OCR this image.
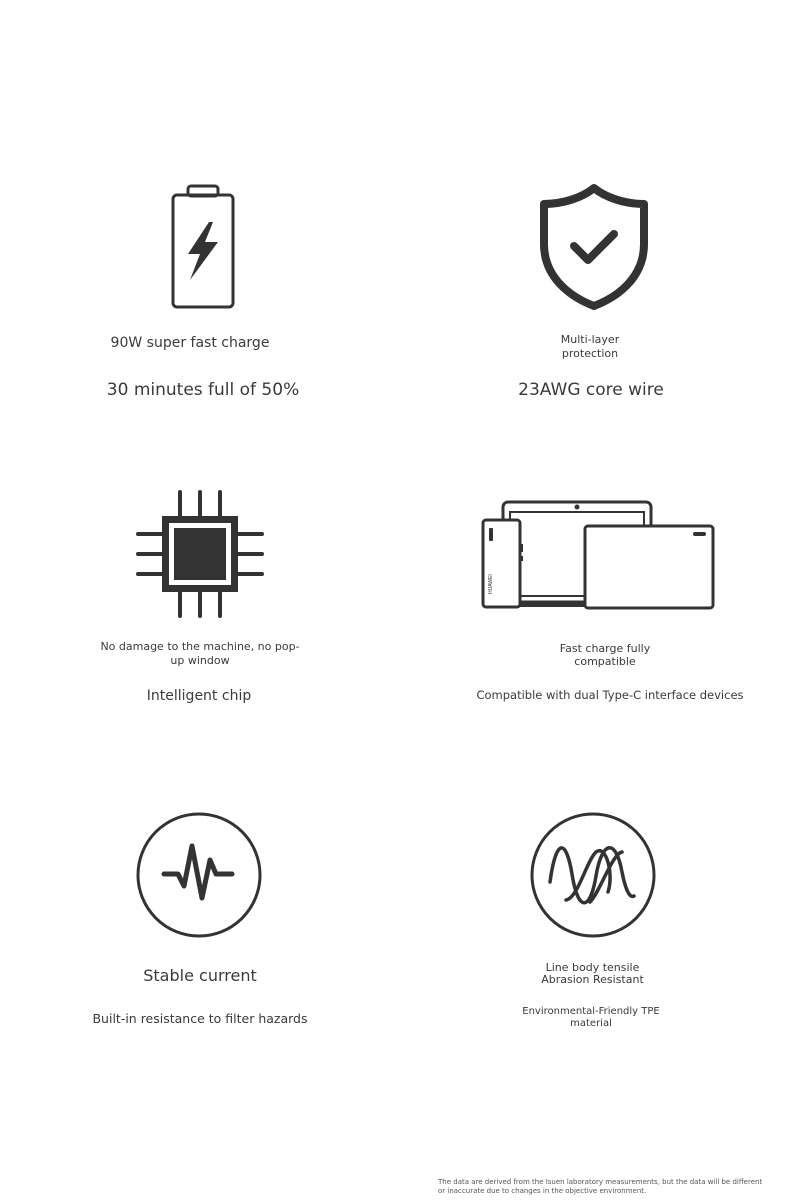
90W super fast charge
30 minutes full of 50%
Multi-layer protection
23AWG core wire
No damage to the machine, no pop-up window
Intelligent chip
HUAWEI
Fast charge fully compatible
Compatible with dual Type-C interface devices
Stable current
Built-in resistance to filter hazards
Line body tensile Abrasion Resistant
Environmental-Friendly TPE material
The data are derived from the Isuen laboratory measurements, but the data will be different or inaccurate due to changes in the objective environment.
